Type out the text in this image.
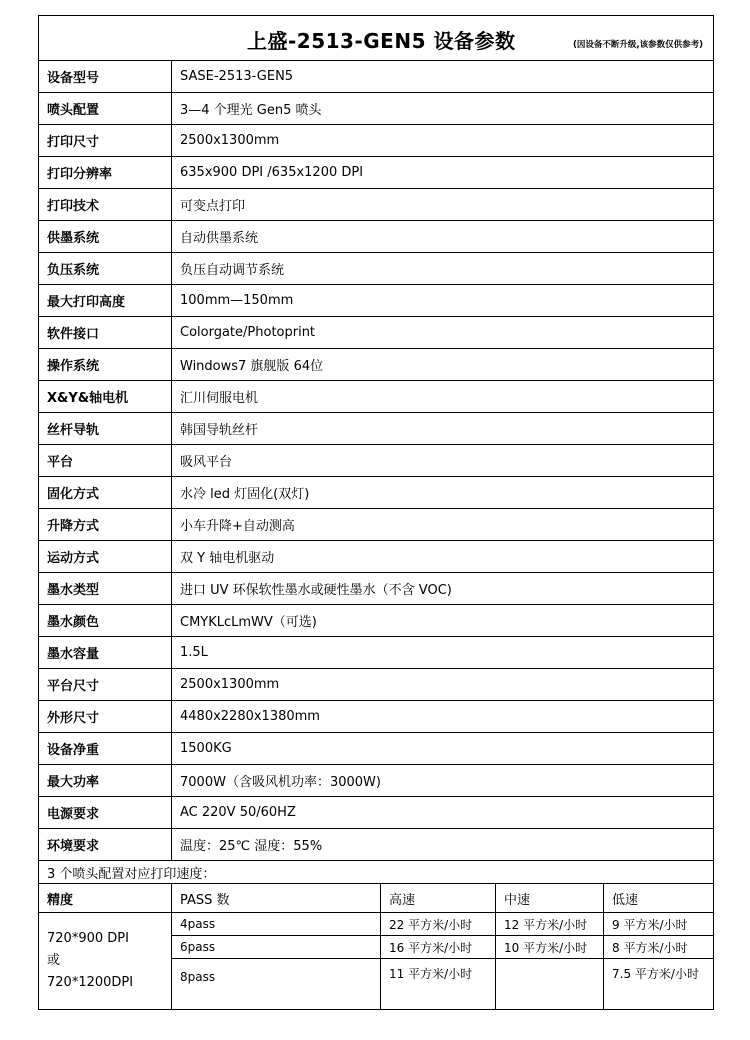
上盛-2513-GEN5 设备参数 (因设备不断升级,该参数仅供参考)				

设备型号	SASE-2513-GEN5			
喷头配置	3—4 个理光 Gen5 喷头			
打印尺寸	2500x1300mm			
打印分辨率	635x900 DPI /635x1200 DPI			
打印技术	可变点打印			
供墨系统	自动供墨系统			
负压系统	负压自动调节系统			
最大打印高度	100mm—150mm			
软件接口	Colorgate/Photoprint			
操作系统	Windows7 旗舰版 64位			
X&Y&轴电机	汇川伺服电机			
丝杆导轨	韩国导轨丝杆			
平台	吸风平台			
固化方式	水冷 led 灯固化(双灯)			
升降方式	小车升降+自动测高			
运动方式	双 Y 轴电机驱动			
墨水类型	进口 UV 环保软性墨水或硬性墨水（不含 VOC)			
墨水颜色	CMYKLcLmWV（可选)			
墨水容量	1.5L			
平台尺寸	2500x1300mm			
外形尺寸	4480x2280x1380mm			
设备净重	1500KG			
最大功率	7000W（含吸风机功率：3000W)			
电源要求	AC 220V 50/60HZ			
环境要求	温度：25℃ 湿度：55%			
3 个喷头配置对应打印速度：				
精度	PASS 数	高速	中速	低速

720*900 DPI
或
720*1200DPI	4pass	22 平方米/小时	12 平方米/小时	9 平方米/小时
	6pass	16 平方米/小时	10 平方米/小时	8 平方米/小时
	8pass	11 平方米/小时		7.5 平方米/小时
